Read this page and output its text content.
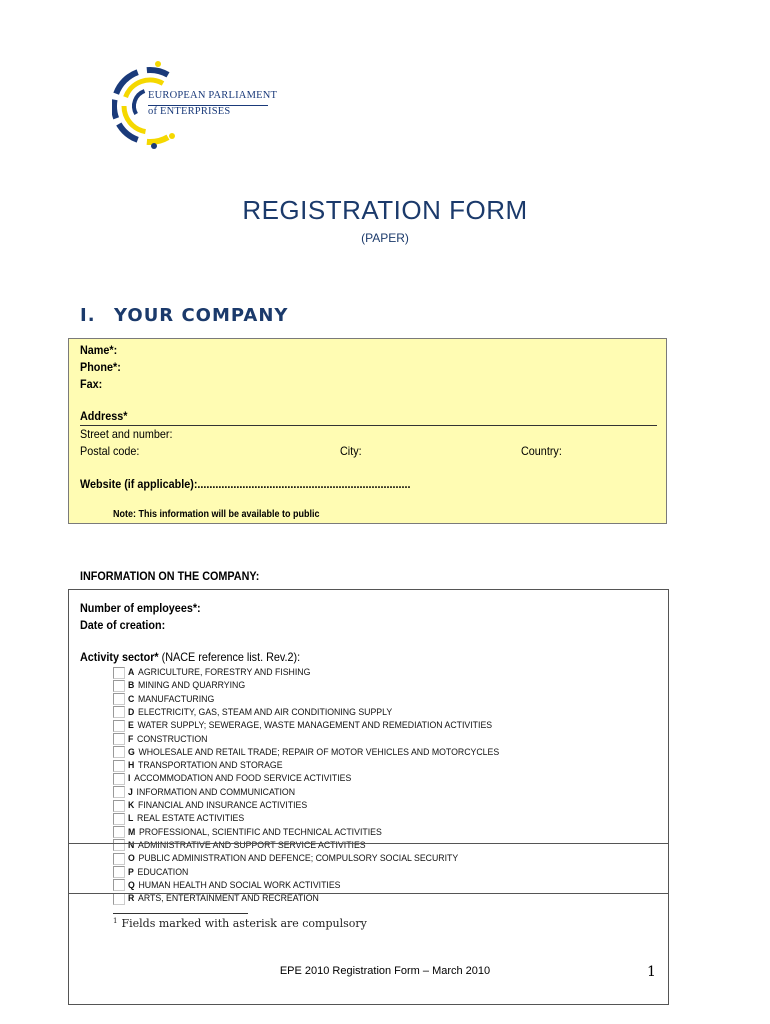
EUROPEAN PARLIAMENT
of ENTERPRISES
REGISTRATION FORM
(PAPER)
I. YOUR COMPANY
Name*:
Phone*:
Fax:
Address*
Street and number:
Postal code:	City:	Country:
Website (if applicable):.......................................................................
Note: This information will be available to public
INFORMATION ON THE COMPANY:
Number of employees*:
Date of creation:
Activity sector* (NACE reference list. Rev.2):
A AGRICULTURE, FORESTRY AND FISHING
B MINING AND QUARRYING
C MANUFACTURING
D ELECTRICITY, GAS, STEAM AND AIR CONDITIONING SUPPLY
E WATER SUPPLY; SEWERAGE, WASTE MANAGEMENT AND REMEDIATION ACTIVITIES
F CONSTRUCTION
G WHOLESALE AND RETAIL TRADE; REPAIR OF MOTOR VEHICLES AND MOTORCYCLES
H TRANSPORTATION AND STORAGE
I ACCOMMODATION AND FOOD SERVICE ACTIVITIES
J INFORMATION AND COMMUNICATION
K FINANCIAL AND INSURANCE ACTIVITIES
L REAL ESTATE ACTIVITIES
M PROFESSIONAL, SCIENTIFIC AND TECHNICAL ACTIVITIES
N ADMINISTRATIVE AND SUPPORT SERVICE ACTIVITIES
O PUBLIC ADMINISTRATION AND DEFENCE; COMPULSORY SOCIAL SECURITY
P EDUCATION
Q HUMAN HEALTH AND SOCIAL WORK ACTIVITIES
R ARTS, ENTERTAINMENT AND RECREATION
$^1$ Fields marked with asterisk are compulsory
EPE 2010 Registration Form – March 2010	1
